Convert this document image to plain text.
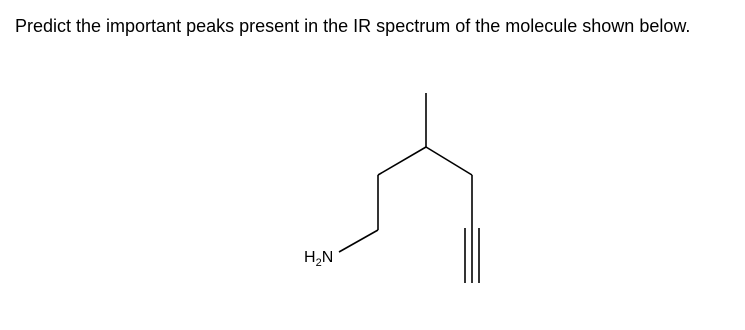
Predict the important peaks present in the IR spectrum of the molecule shown below.

$H_2N$
